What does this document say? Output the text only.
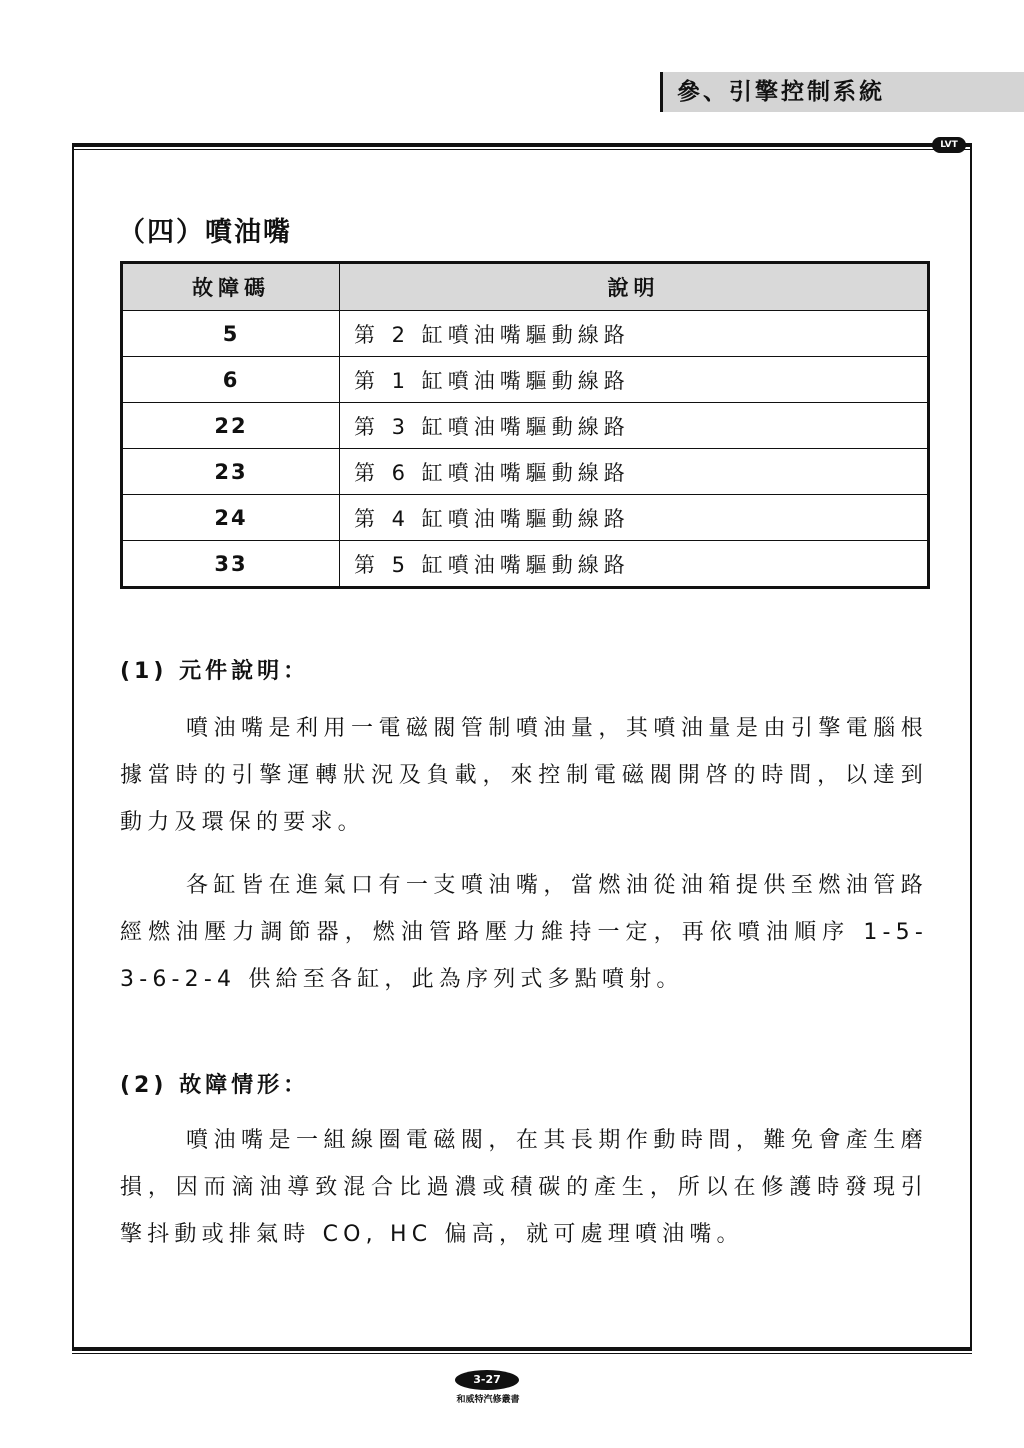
參、引擎控制系統
LVT
（四）噴油嘴
故障碼	說明
5	第 2 缸噴油嘴驅動線路
6	第 1 缸噴油嘴驅動線路
22	第 3 缸噴油嘴驅動線路
23	第 6 缸噴油嘴驅動線路
24	第 4 缸噴油嘴驅動線路
33	第 5 缸噴油嘴驅動線路
(1) 元件說明：

噴油嘴是利用一電磁閥管制噴油量，其噴油量是由引擎電腦根據當時的引擎運轉狀況及負載，來控制電磁閥開啓的時間，以達到動力及環保的要求。

各缸皆在進氣口有一支噴油嘴，當燃油從油箱提供至燃油管路經燃油壓力調節器，燃油管路壓力維持一定，再依噴油順序 1-5-3-6-2-4 供給至各缸，此為序列式多點噴射。

(2) 故障情形：

噴油嘴是一組線圈電磁閥，在其長期作動時間，難免會產生磨損，因而滴油導致混合比過濃或積碳的產生，所以在修護時發現引擎抖動或排氣時 CO, HC 偏高，就可處理噴油嘴。

3-27
和威特汽修叢書
